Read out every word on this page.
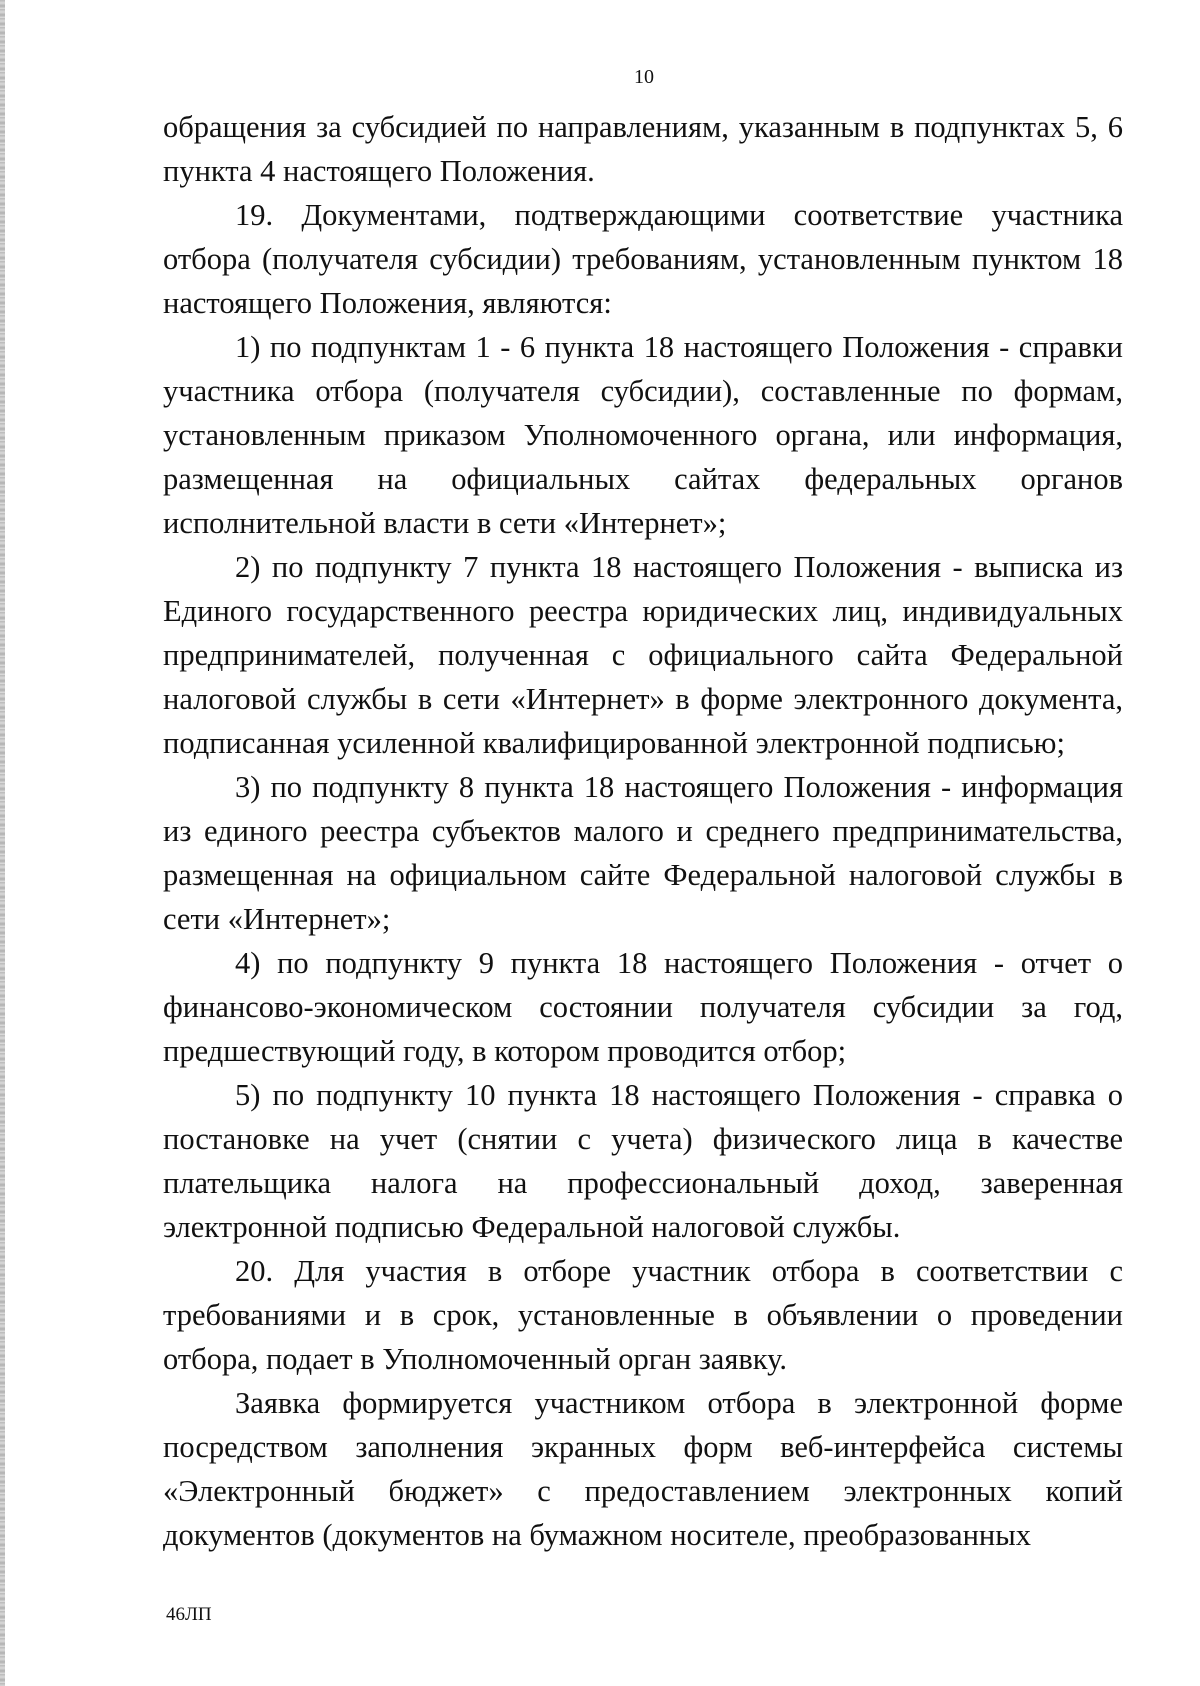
10

обращения за субсидией по направлениям, указанным в подпунктах 5, 6 пункта 4 настоящего Положения.

19. Документами, подтверждающими соответствие участника отбора (получателя субсидии) требованиям, установленным пунктом 18 настоящего Положения, являются:

1) по подпунктам 1 - 6 пункта 18 настоящего Положения - справки участника отбора (получателя субсидии), составленные по формам, установленным приказом Уполномоченного органа, или информация, размещенная на официальных сайтах федеральных органов исполнительной власти в сети «Интернет»;

2) по подпункту 7 пункта 18 настоящего Положения - выписка из Единого государственного реестра юридических лиц, индивидуальных предпринимателей, полученная с официального сайта Федеральной налоговой службы в сети «Интернет» в форме электронного документа, подписанная усиленной квалифицированной электронной подписью;

3) по подпункту 8 пункта 18 настоящего Положения - информация из единого реестра субъектов малого и среднего предпринимательства, размещенная на официальном сайте Федеральной налоговой службы в сети «Интернет»;

4) по подпункту 9 пункта 18 настоящего Положения - отчет о финансово-экономическом состоянии получателя субсидии за год, предшествующий году, в котором проводится отбор;

5) по подпункту 10 пункта 18 настоящего Положения - справка о постановке на учет (снятии с учета) физического лица в качестве плательщика налога на профессиональный доход, заверенная электронной подписью Федеральной налоговой службы.

20. Для участия в отборе участник отбора в соответствии с требованиями и в срок, установленные в объявлении о проведении отбора, подает в Уполномоченный орган заявку.

Заявка формируется участником отбора в электронной форме посредством заполнения экранных форм веб-интерфейса системы «Электронный бюджет» с предоставлением электронных копий документов (документов на бумажном носителе, преобразованных

46ЛП
